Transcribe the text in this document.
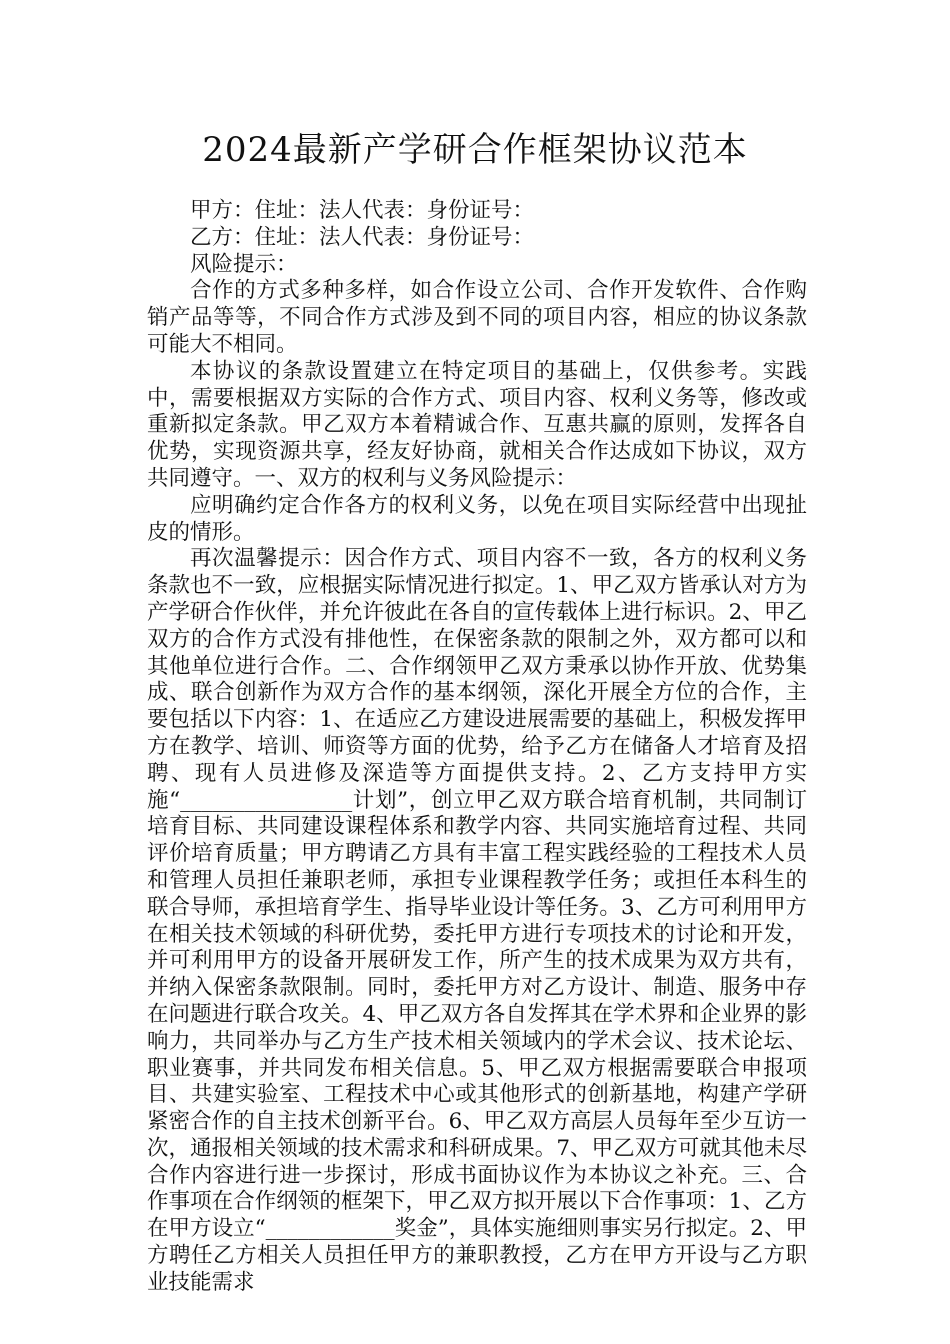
2024最新产学研合作框架协议范本

甲方：住址：法人代表：身份证号：

乙方：住址：法人代表：身份证号：

风险提示：

合作的方式多种多样，如合作设立公司、合作开发软件、合作购销产品等等，不同合作方式涉及到不同的项目内容，相应的协议条款可能大不相同。

本协议的条款设置建立在特定项目的基础上，仅供参考。实践中，需要根据双方实际的合作方式、项目内容、权利义务等，修改或重新拟定条款。甲乙双方本着精诚合作、互惠共赢的原则，发挥各自优势，实现资源共享，经友好协商，就相关合作达成如下协议，双方共同遵守。一、双方的权利与义务风险提示：

应明确约定合作各方的权利义务，以免在项目实际经营中出现扯皮的情形。

再次温馨提示：因合作方式、项目内容不一致，各方的权利义务条款也不一致，应根据实际情况进行拟定。1、甲乙双方皆承认对方为产学研合作伙伴，并允许彼此在各自的宣传载体上进行标识。2、甲乙双方的合作方式没有排他性，在保密条款的限制之外，双方都可以和其他单位进行合作。二、合作纲领甲乙双方秉承以协作开放、优势集成、联合创新作为双方合作的基本纲领，深化开展全方位的合作，主要包括以下内容：1、在适应乙方建设进展需要的基础上，积极发挥甲方在教学、培训、师资等方面的优势，给予乙方在储备人才培育及招聘、现有人员进修及深造等方面提供支持。2、乙方支持甲方实施“________________计划”，创立甲乙双方联合培育机制，共同制订培育目标、共同建设课程体系和教学内容、共同实施培育过程、共同评价培育质量；甲方聘请乙方具有丰富工程实践经验的工程技术人员和管理人员担任兼职老师，承担专业课程教学任务；或担任本科生的联合导师，承担培育学生、指导毕业设计等任务。3、乙方可利用甲方在相关技术领域的科研优势，委托甲方进行专项技术的讨论和开发，并可利用甲方的设备开展研发工作，所产生的技术成果为双方共有，并纳入保密条款限制。同时，委托甲方对乙方设计、制造、服务中存在问题进行联合攻关。4、甲乙双方各自发挥其在学术界和企业界的影响力，共同举办与乙方生产技术相关领域内的学术会议、技术论坛、职业赛事，并共同发布相关信息。5、甲乙双方根据需要联合申报项目、共建实验室、工程技术中心或其他形式的创新基地，构建产学研紧密合作的自主技术创新平台。6、甲乙双方高层人员每年至少互访一次，通报相关领域的技术需求和科研成果。7、甲乙双方可就其他未尽合作内容进行进一步探讨，形成书面协议作为本协议之补充。三、合作事项在合作纲领的框架下，甲乙双方拟开展以下合作事项：1、乙方在甲方设立“____________奖金”，具体实施细则事实另行拟定。2、甲方聘任乙方相关人员担任甲方的兼职教授，乙方在甲方开设与乙方职业技能需求
